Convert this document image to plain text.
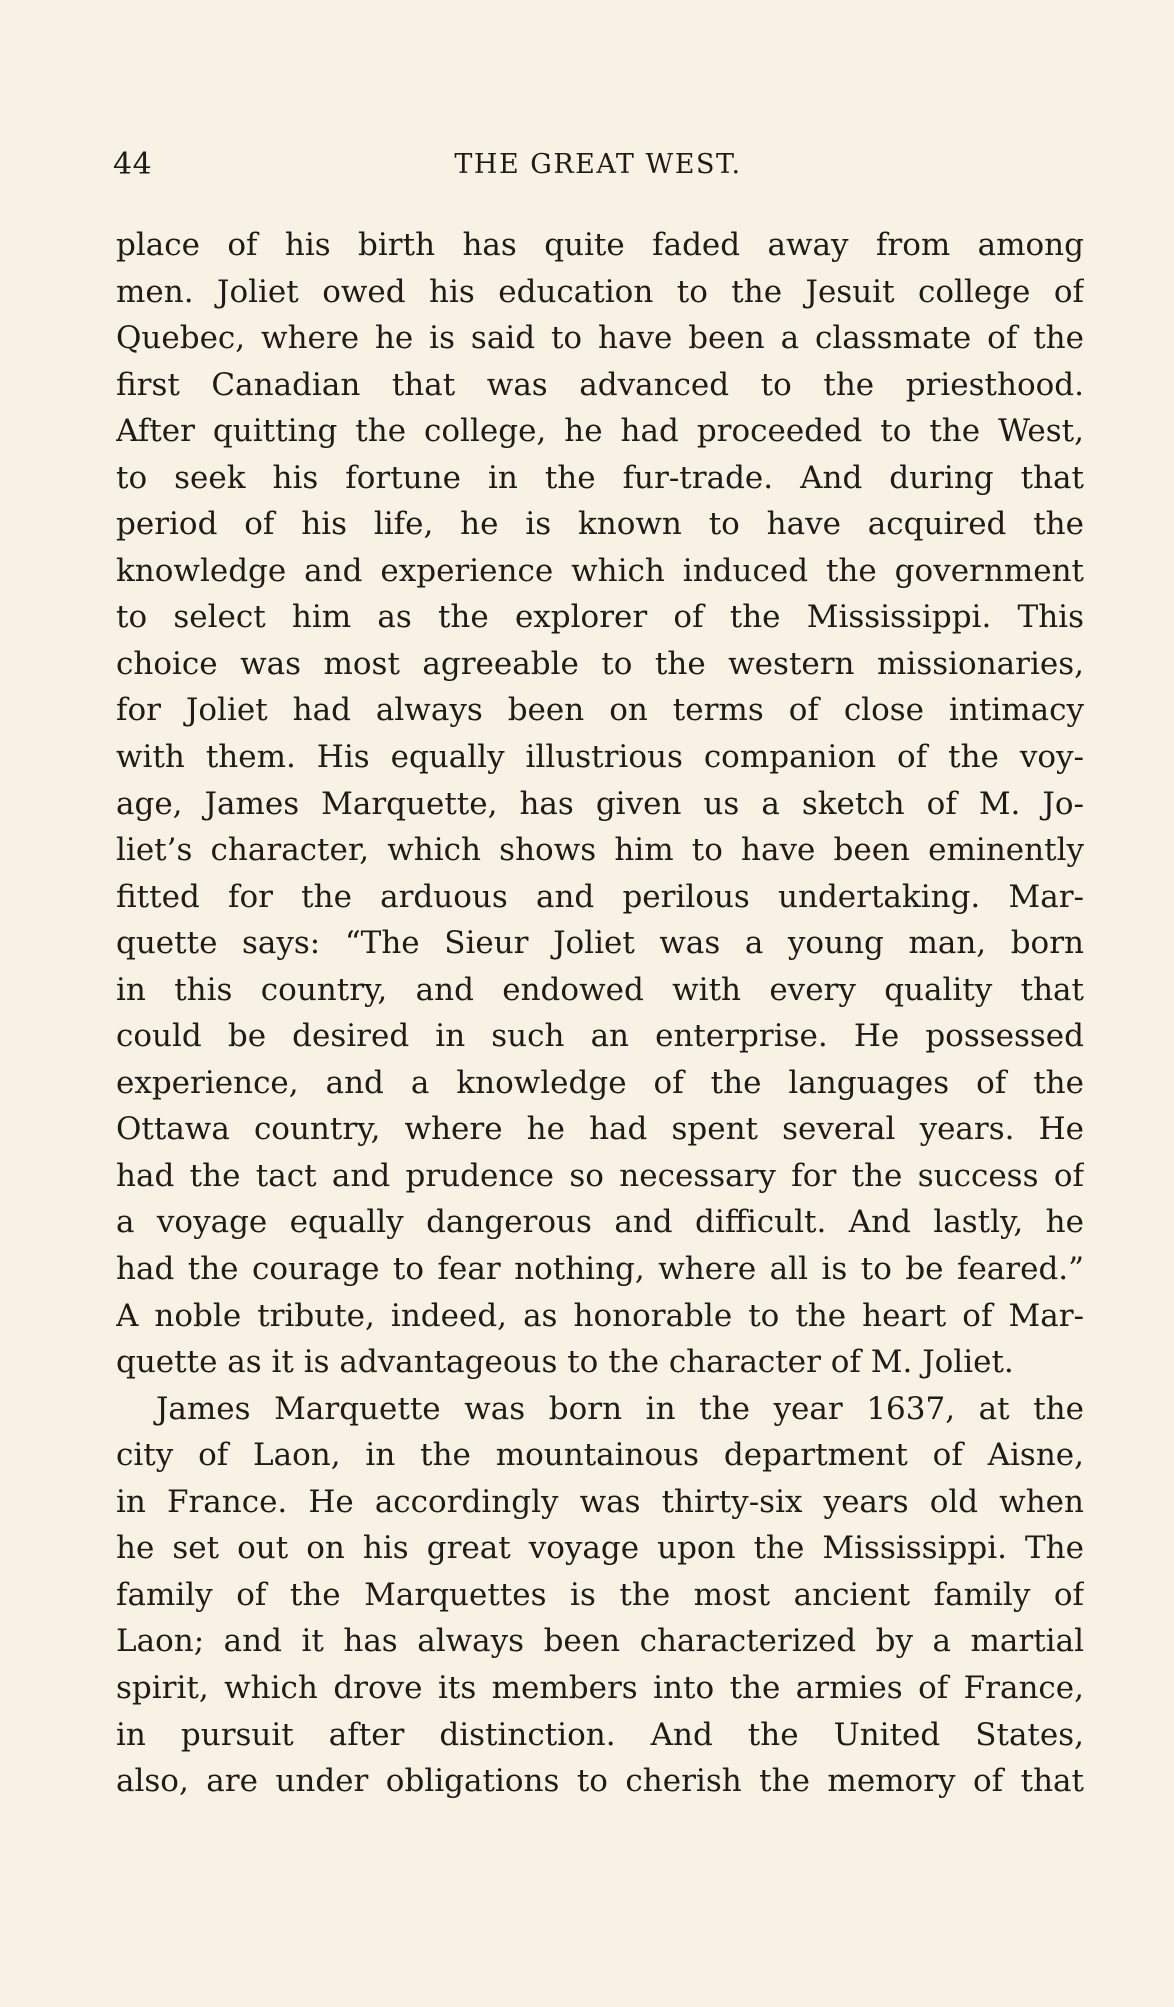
44	THE GREAT WEST.
place of his birth has quite faded away from among
men. Joliet owed his education to the Jesuit college of
Quebec, where he is said to have been a classmate of the
first Canadian that was advanced to the priesthood.
After quitting the college, he had proceeded to the West,
to seek his fortune in the fur-trade. And during that
period of his life, he is known to have acquired the
knowledge and experience which induced the government
to select him as the explorer of the Mississippi. This
choice was most agreeable to the western missionaries,
for Joliet had always been on terms of close intimacy
with them. His equally illustrious companion of the voy-
age, James Marquette, has given us a sketch of M. Jo-
liet’s character, which shows him to have been eminently
fitted for the arduous and perilous undertaking. Mar-
quette says: “The Sieur Joliet was a young man, born
in this country, and endowed with every quality that
could be desired in such an enterprise. He possessed
experience, and a knowledge of the languages of the
Ottawa country, where he had spent several years. He
had the tact and prudence so necessary for the success of
a voyage equally dangerous and difficult. And lastly, he
had the courage to fear nothing, where all is to be feared.”
A noble tribute, indeed, as honorable to the heart of Mar-
quette as it is advantageous to the character of M. Joliet.
James Marquette was born in the year 1637, at the
city of Laon, in the mountainous department of Aisne,
in France. He accordingly was thirty-six years old when
he set out on his great voyage upon the Mississippi. The
family of the Marquettes is the most ancient family of
Laon; and it has always been characterized by a martial
spirit, which drove its members into the armies of France,
in pursuit after distinction. And the United States,
also, are under obligations to cherish the memory of that
